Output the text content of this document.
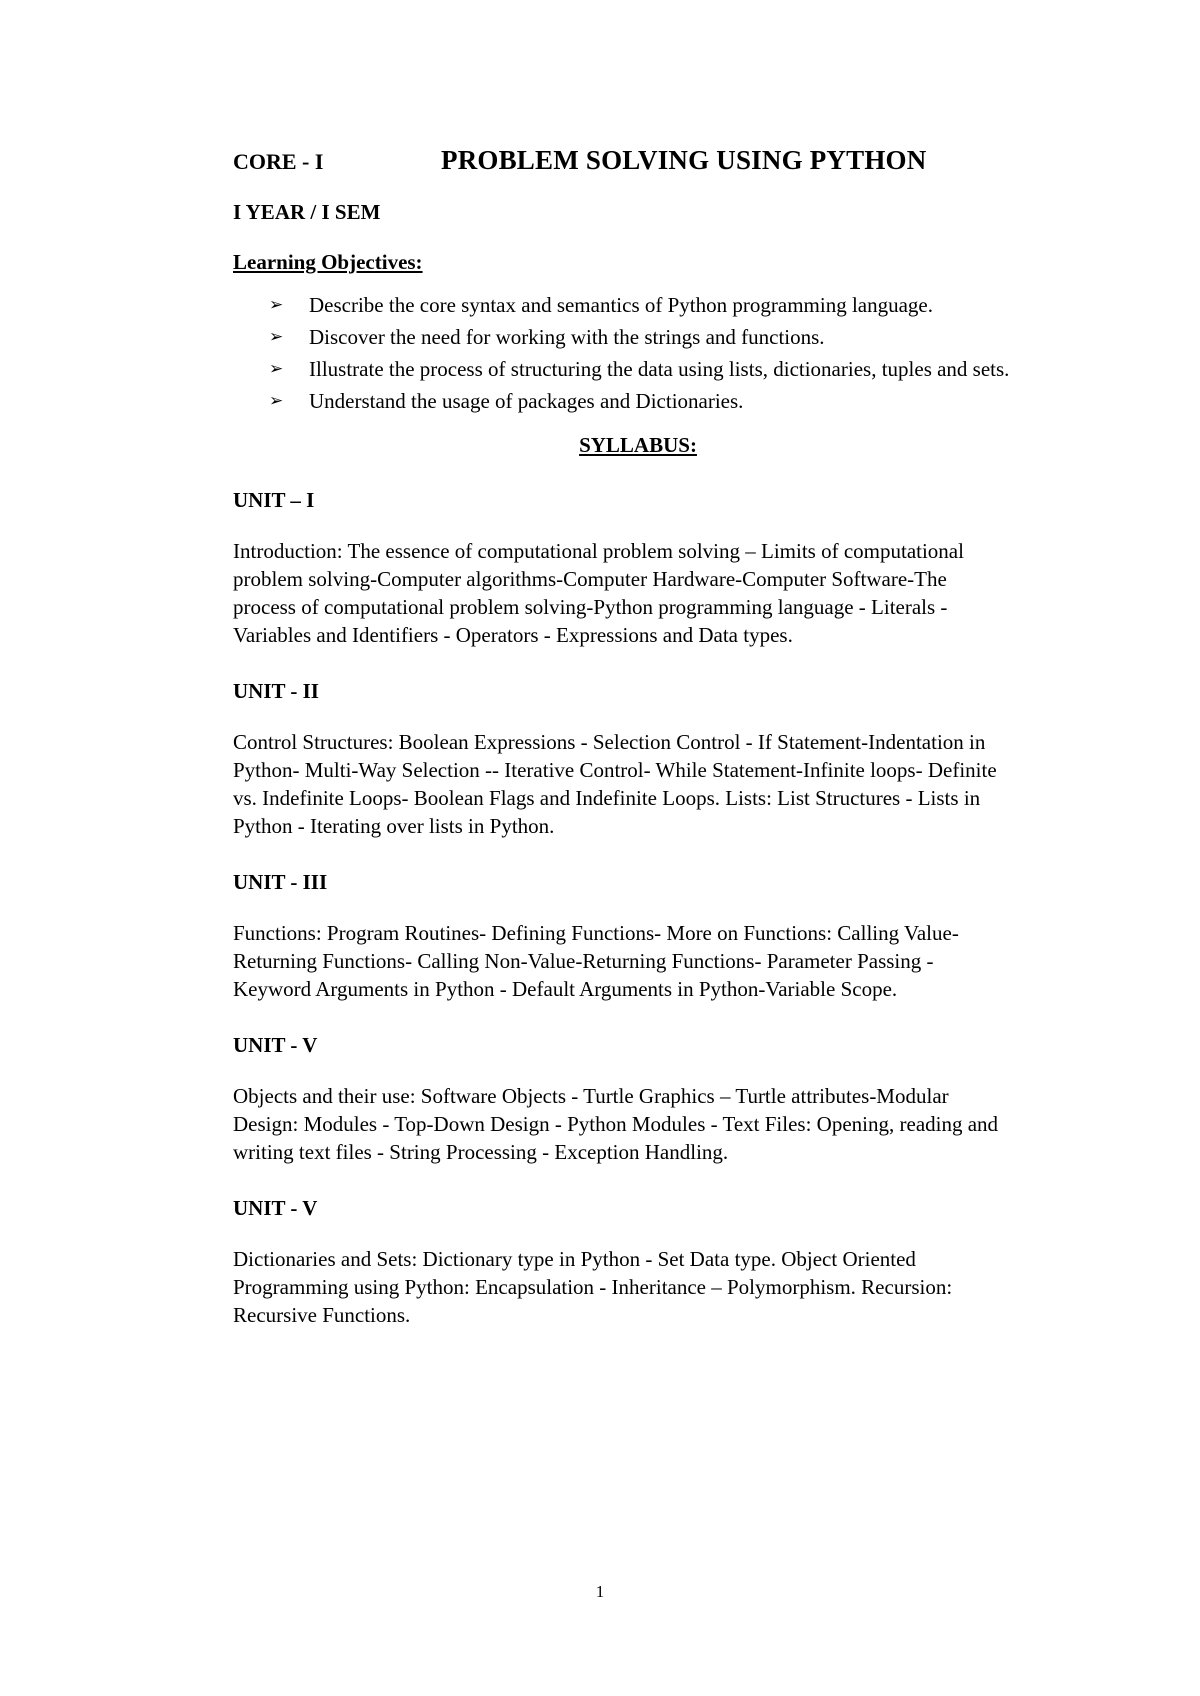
CORE - I	PROBLEM SOLVING USING PYTHON
I YEAR / I SEM
Learning Objectives:
➢	Describe the core syntax and semantics of Python programming language.
➢	Discover the need for working with the strings and functions.
➢	Illustrate the process of structuring the data using lists, dictionaries, tuples and sets.
➢	Understand the usage of packages and Dictionaries.
SYLLABUS:
UNIT – I
Introduction: The essence of computational problem solving – Limits of computational problem solving-Computer algorithms-Computer Hardware-Computer Software-The process of computational problem solving-Python programming language - Literals - Variables and Identifiers - Operators - Expressions and Data types.
UNIT - II
Control Structures: Boolean Expressions - Selection Control - If Statement-Indentation in Python- Multi-Way Selection -- Iterative Control- While Statement-Infinite loops- Definite vs. Indefinite Loops- Boolean Flags and Indefinite Loops. Lists: List Structures - Lists in Python - Iterating over lists in Python.
UNIT - III
Functions: Program Routines- Defining Functions- More on Functions: Calling Value-Returning Functions- Calling Non-Value-Returning Functions- Parameter Passing - Keyword Arguments in Python - Default Arguments in Python-Variable Scope.
UNIT - V
Objects and their use: Software Objects - Turtle Graphics – Turtle attributes-Modular Design: Modules - Top-Down Design - Python Modules - Text Files: Opening, reading and writing text files - String Processing - Exception Handling.
UNIT - V
Dictionaries and Sets: Dictionary type in Python - Set Data type. Object Oriented Programming using Python: Encapsulation - Inheritance – Polymorphism. Recursion: Recursive Functions.
1
